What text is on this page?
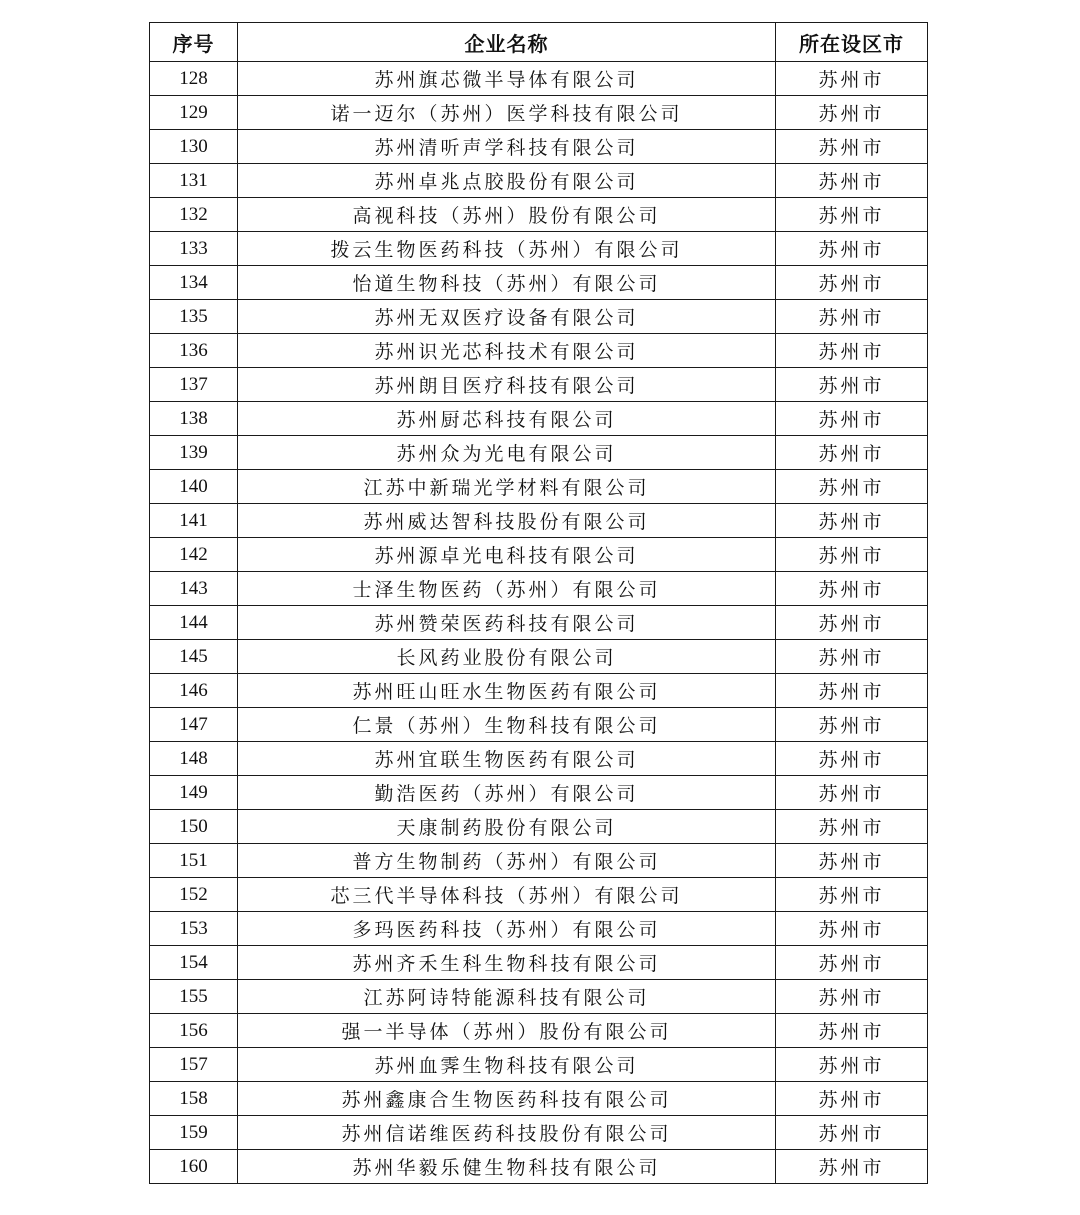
序号	企业名称	所在设区市
128	苏州旗芯微半导体有限公司	苏州市
129	诺一迈尔（苏州）医学科技有限公司	苏州市
130	苏州清听声学科技有限公司	苏州市
131	苏州卓兆点胶股份有限公司	苏州市
132	高视科技（苏州）股份有限公司	苏州市
133	拨云生物医药科技（苏州）有限公司	苏州市
134	怡道生物科技（苏州）有限公司	苏州市
135	苏州无双医疗设备有限公司	苏州市
136	苏州识光芯科技术有限公司	苏州市
137	苏州朗目医疗科技有限公司	苏州市
138	苏州厨芯科技有限公司	苏州市
139	苏州众为光电有限公司	苏州市
140	江苏中新瑞光学材料有限公司	苏州市
141	苏州威达智科技股份有限公司	苏州市
142	苏州源卓光电科技有限公司	苏州市
143	士泽生物医药（苏州）有限公司	苏州市
144	苏州赞荣医药科技有限公司	苏州市
145	长风药业股份有限公司	苏州市
146	苏州旺山旺水生物医药有限公司	苏州市
147	仁景（苏州）生物科技有限公司	苏州市
148	苏州宜联生物医药有限公司	苏州市
149	勤浩医药（苏州）有限公司	苏州市
150	天康制药股份有限公司	苏州市
151	普方生物制药（苏州）有限公司	苏州市
152	芯三代半导体科技（苏州）有限公司	苏州市
153	多玛医药科技（苏州）有限公司	苏州市
154	苏州齐禾生科生物科技有限公司	苏州市
155	江苏阿诗特能源科技有限公司	苏州市
156	强一半导体（苏州）股份有限公司	苏州市
157	苏州血霁生物科技有限公司	苏州市
158	苏州鑫康合生物医药科技有限公司	苏州市
159	苏州信诺维医药科技股份有限公司	苏州市
160	苏州华毅乐健生物科技有限公司	苏州市
